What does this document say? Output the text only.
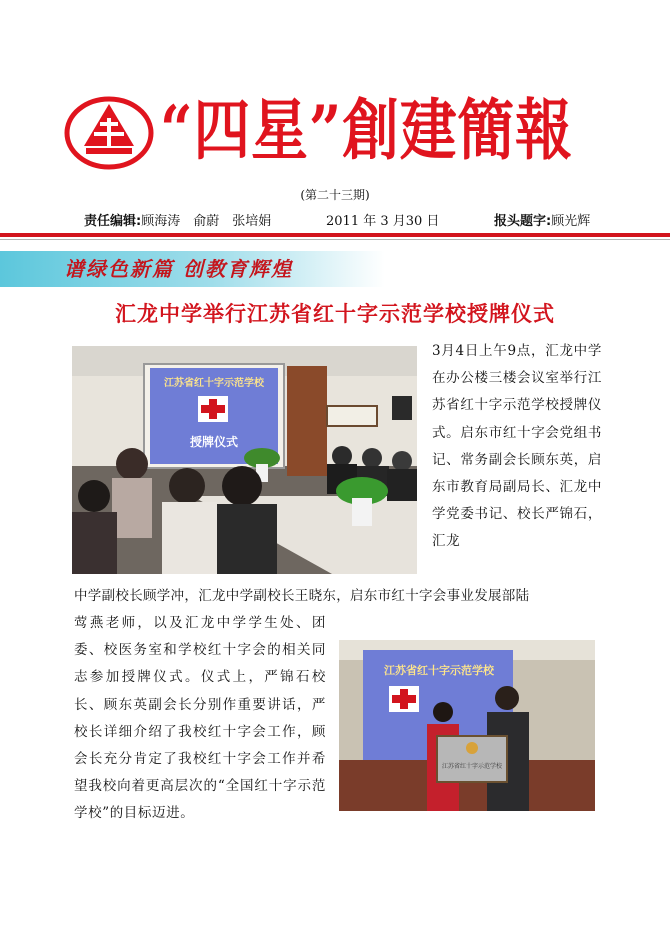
“四星”創建簡報
(第二十三期)
责任编辑:顾海涛　俞蔚　张培娟	2011 年 3 月30 日	报头题字:顾光辉
谱绿色新篇 创教育辉煌
汇龙中学举行江苏省红十字示范学校授牌仪式
江苏省红十字示范学校
授牌仪式
江苏省红十字示范学校
江苏省红十字示范学校
3月4日上午9点，汇龙中学在办公楼三楼会议室举行江苏省红十字示范学校授牌仪式。启东市红十字会党组书记、常务副会长顾东英，启东市教育局副局长、汇龙中学党委书记、校长严锦石，汇龙
中学副校长顾学冲，汇龙中学副校长王晓东，启东市红十字会事业发展部陆
莺燕老师，以及汇龙中学学生处、团委、校医务室和学校红十字会的相关同志参加授牌仪式。仪式上，严锦石校长、顾东英副会长分别作重要讲话，严校长详细介绍了我校红十字会工作，顾会长充分肯定了我校红十字会工作并希望我校向着更高层次的“全国红十字示范学校”的目标迈进。
